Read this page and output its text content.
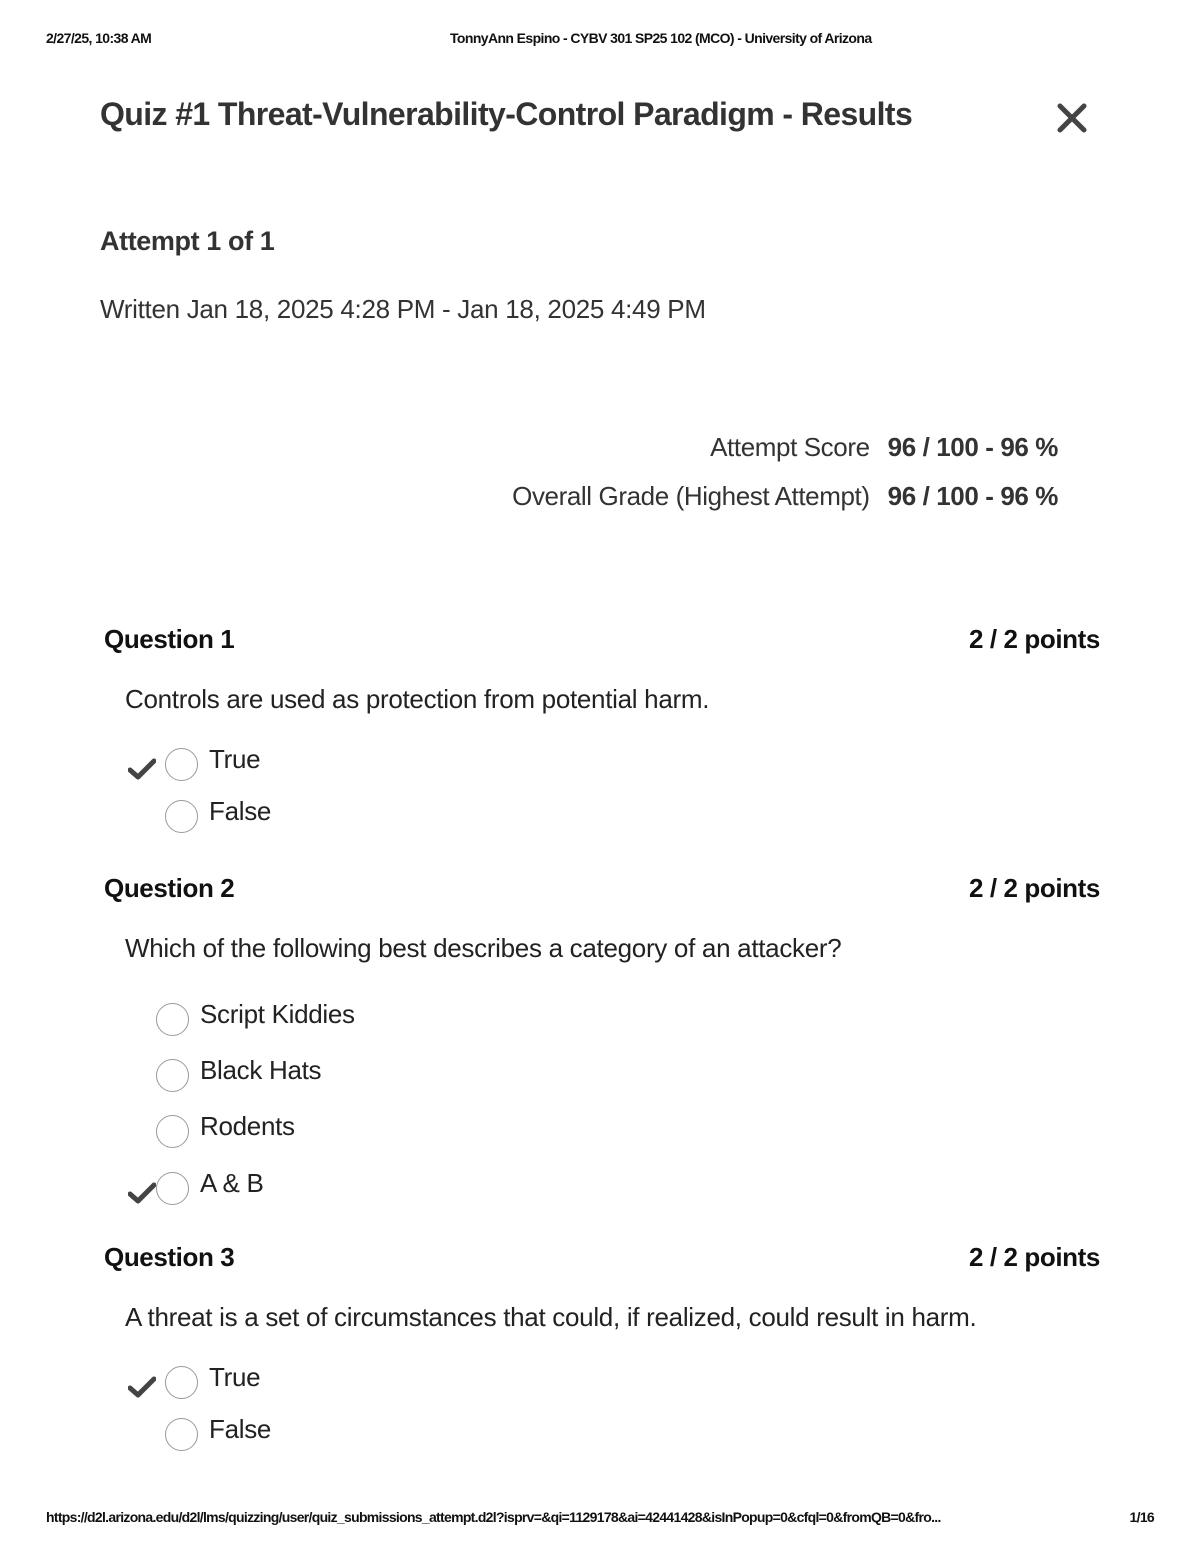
2/27/25, 10:38 AM	TonnyAnn Espino - CYBV 301 SP25 102 (MCO) - University of Arizona
Quiz #1 Threat-Vulnerability-Control Paradigm - Results
Attempt 1 of 1
Written Jan 18, 2025 4:28 PM - Jan 18, 2025 4:49 PM
Attempt Score 96 / 100 - 96 %
Overall Grade (Highest Attempt) 96 / 100 - 96 %
Question 1	2 / 2 points
Controls are used as protection from potential harm.
True
False
Question 2	2 / 2 points
Which of the following best describes a category of an attacker?
Script Kiddies
Black Hats
Rodents
A & B
Question 3	2 / 2 points
A threat is a set of circumstances that could, if realized, could result in harm.
True
False
https://d2l.arizona.edu/d2l/lms/quizzing/user/quiz_submissions_attempt.d2l?isprv=&qi=1129178&ai=42441428&isInPopup=0&cfql=0&fromQB=0&fro...	1/16
